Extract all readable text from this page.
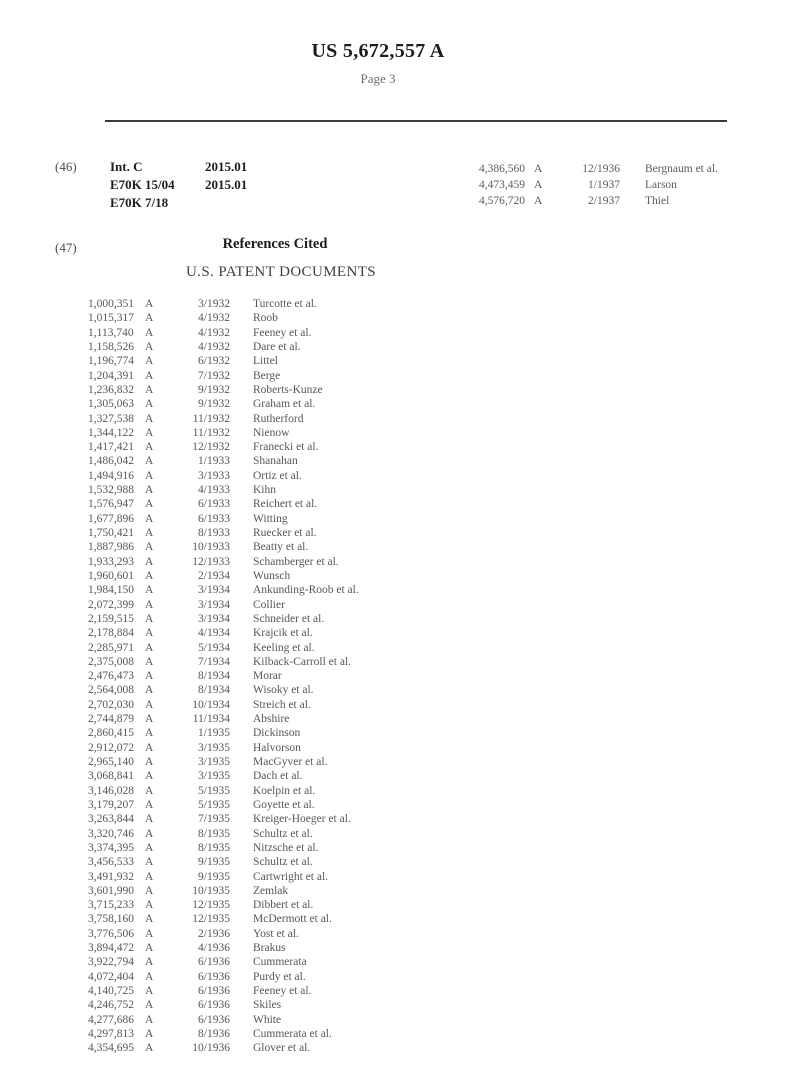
US 5,672,557 A
Page 3
(46)	Int. C	2015.01
E70K 15/04	2015.01
E70K 7/18
4,386,560 A	12/1936 Bergnaum et al.
4,473,459 A	1/1937 Larson
4,576,720 A	2/1937 Thiel
(47)	References Cited
U.S. PATENT DOCUMENTS
1,000,351 A	3/1932 Turcotte et al.
1,015,317 A	4/1932 Roob
1,113,740 A	4/1932 Feeney et al.
1,158,526 A	4/1932 Dare et al.
1,196,774 A	6/1932 Littel
1,204,391 A	7/1932 Berge
1,236,832 A	9/1932 Roberts-Kunze
1,305,063 A	9/1932 Graham et al.
1,327,538 A	11/1932 Rutherford
1,344,122 A	11/1932 Nienow
1,417,421 A	12/1932 Franecki et al.
1,486,042 A	1/1933 Shanahan
1,494,916 A	3/1933 Ortiz et al.
1,532,988 A	4/1933 Kihn
1,576,947 A	6/1933 Reichert et al.
1,677,896 A	6/1933 Witting
1,750,421 A	8/1933 Ruecker et al.
1,887,986 A	10/1933 Beatty et al.
1,933,293 A	12/1933 Schamberger et al.
1,960,601 A	2/1934 Wunsch
1,984,150 A	3/1934 Ankunding-Roob et al.
2,072,399 A	3/1934 Collier
2,159,515 A	3/1934 Schneider et al.
2,178,884 A	4/1934 Krajcik et al.
2,285,971 A	5/1934 Keeling et al.
2,375,008 A	7/1934 Kilback-Carroll et al.
2,476,473 A	8/1934 Morar
2,564,008 A	8/1934 Wisoky et al.
2,702,030 A	10/1934 Streich et al.
2,744,879 A	11/1934 Abshire
2,860,415 A	1/1935 Dickinson
2,912,072 A	3/1935 Halvorson
2,965,140 A	3/1935 MacGyver et al.
3,068,841 A	3/1935 Dach et al.
3,146,028 A	5/1935 Koelpin et al.
3,179,207 A	5/1935 Goyette et al.
3,263,844 A	7/1935 Kreiger-Hoeger et al.
3,320,746 A	8/1935 Schultz et al.
3,374,395 A	8/1935 Nitzsche et al.
3,456,533 A	9/1935 Schultz et al.
3,491,932 A	9/1935 Cartwright et al.
3,601,990 A	10/1935 Zemlak
3,715,233 A	12/1935 Dibbert et al.
3,758,160 A	12/1935 McDermott et al.
3,776,506 A	2/1936 Yost et al.
3,894,472 A	4/1936 Brakus
3,922,794 A	6/1936 Cummerata
4,072,404 A	6/1936 Purdy et al.
4,140,725 A	6/1936 Feeney et al.
4,246,752 A	6/1936 Skiles
4,277,686 A	6/1936 White
4,297,813 A	8/1936 Cummerata et al.
4,354,695 A	10/1936 Glover et al.
